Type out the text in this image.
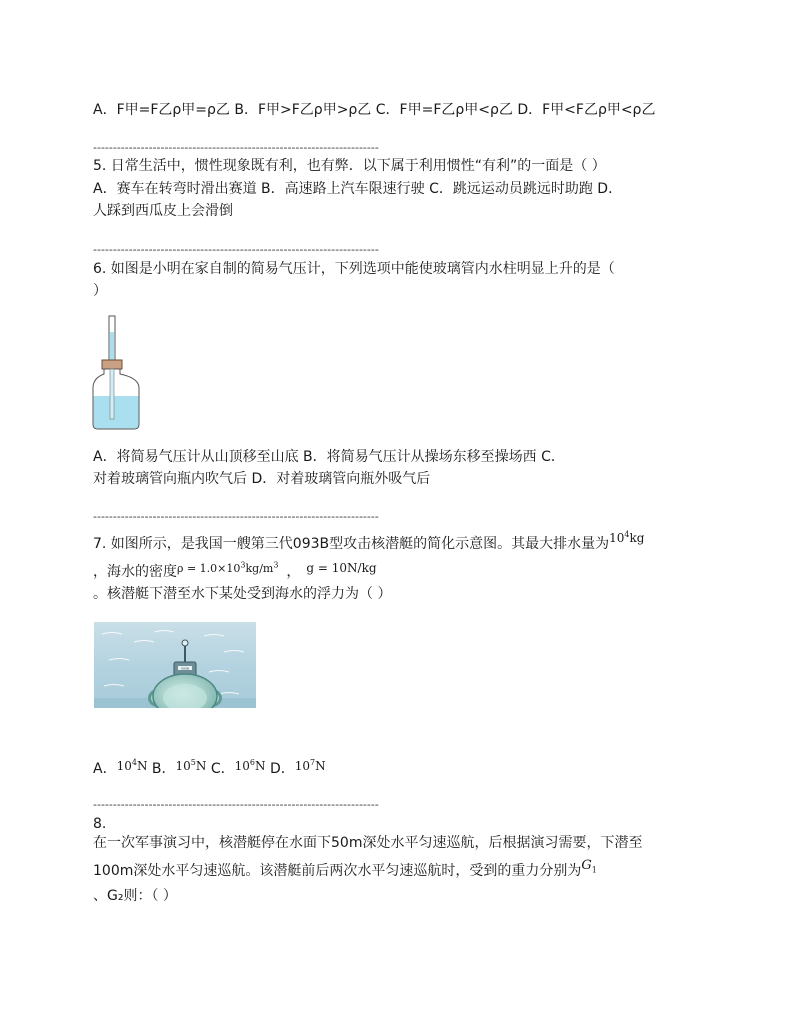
A．F甲=F乙ρ甲=ρ乙 B．F甲>F乙ρ甲>ρ乙 C．F甲=F乙ρ甲<ρ乙 D．F甲<F乙ρ甲<ρ乙
------------------------------------------------------------------------
5. 日常生活中，惯性现象既有利，也有弊．以下属于利用惯性“有利”的一面是（ ）
A．赛车在转弯时滑出赛道 B．高速路上汽车限速行驶 C．跳远运动员跳远时助跑 D．
人踩到西瓜皮上会滑倒
------------------------------------------------------------------------
6. 如图是小明在家自制的简易气压计，下列选项中能使玻璃管内水柱明显上升的是（
）
A．将简易气压计从山顶移至山底 B．将简易气压计从操场东移至操场西 C．
对着玻璃管向瓶内吹气后 D．对着玻璃管向瓶外吸气后
------------------------------------------------------------------------
7. 如图所示，是我国一艘第三代093B型攻击核潜艇的简化示意图。其最大排水量为$10^4kg$
，海水的密度$^{\rho = 1.0\times 10^3kg/m^3}$ ， g = 10N/kg
。核潜艇下潜至水下某处受到海水的浮力为（ ）
093B
A．$10^4N$ B．$10^5N$ C．$10^6N$ D．$10^7N$
------------------------------------------------------------------------
8.
在一次军事演习中，核潜艇停在水面下50m深处水平匀速巡航，后根据演习需要，下潜至
100m深处水平匀速巡航。该潜艇前后两次水平匀速巡航时，受到的重力分别为$G_1$
、G₂则：（ ）
